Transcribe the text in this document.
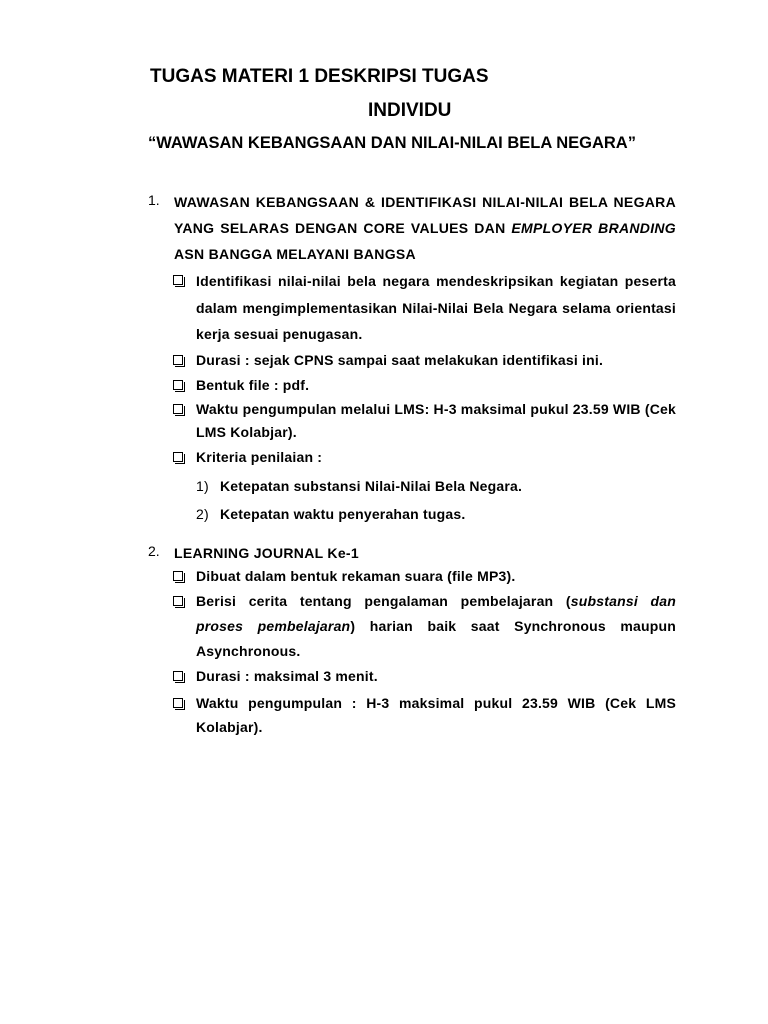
TUGAS MATERI 1 DESKRIPSI TUGAS
INDIVIDU
“WAWASAN KEBANGSAAN DAN NILAI-NILAI BELA NEGARA”
1. WAWASAN KEBANGSAAN & IDENTIFIKASI NILAI-NILAI BELA NEGARA YANG SELARAS DENGAN CORE VALUES DAN EMPLOYER BRANDING ASN BANGGA MELAYANI BANGSA
Identifikasi nilai-nilai bela negara mendeskripsikan kegiatan peserta dalam mengimplementasikan Nilai-Nilai Bela Negara selama orientasi kerja sesuai penugasan.
Durasi : sejak CPNS sampai saat melakukan identifikasi ini.
Bentuk file : pdf.
Waktu pengumpulan melalui LMS: H-3 maksimal pukul 23.59 WIB (Cek LMS Kolabjar).
Kriteria penilaian :
1) Ketepatan substansi Nilai-Nilai Bela Negara.
2) Ketepatan waktu penyerahan tugas.
2. LEARNING JOURNAL Ke-1
Dibuat dalam bentuk rekaman suara (file MP3).
Berisi cerita tentang pengalaman pembelajaran (substansi dan proses pembelajaran) harian baik saat Synchronous maupun Asynchronous.
Durasi : maksimal 3 menit.
Waktu pengumpulan : H-3 maksimal pukul 23.59 WIB (Cek LMS Kolabjar).
